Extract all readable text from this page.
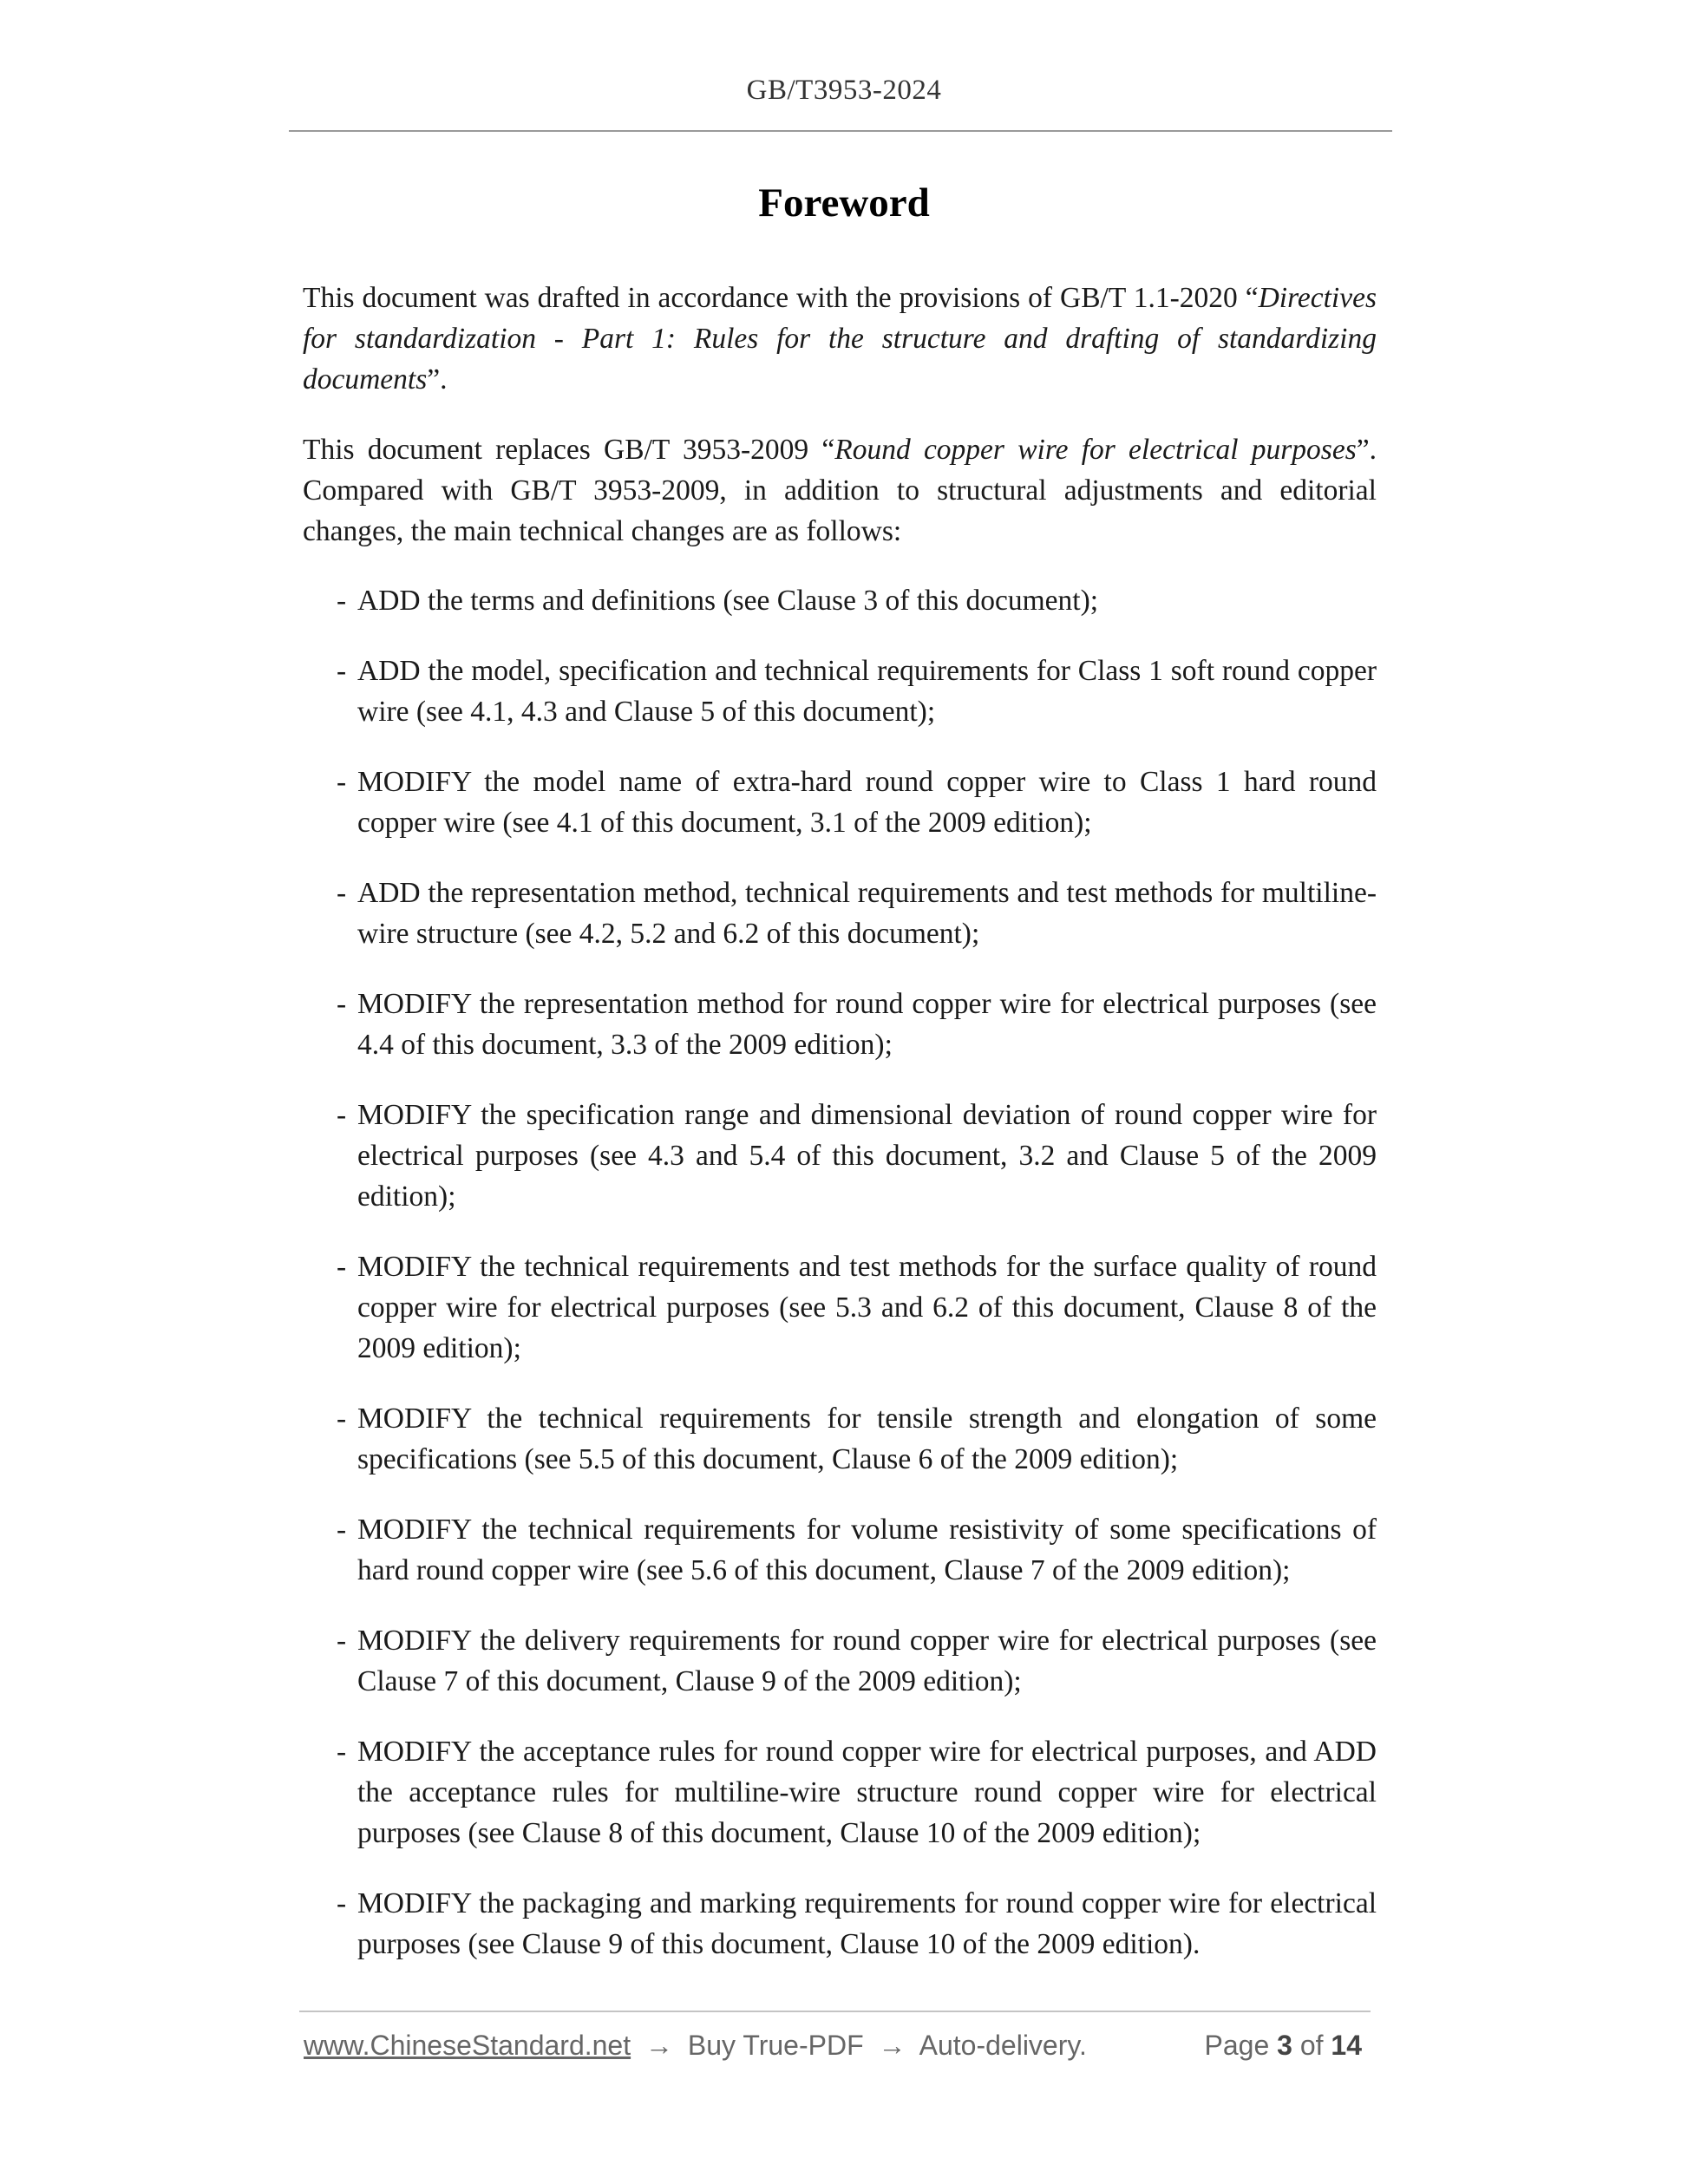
GB/T3953-2024
Foreword
This document was drafted in accordance with the provisions of GB/T 1.1-2020 “Directives for standardization - Part 1: Rules for the structure and drafting of standardizing documents”.
This document replaces GB/T 3953-2009 “Round copper wire for electrical purposes”. Compared with GB/T 3953-2009, in addition to structural adjustments and editorial changes, the main technical changes are as follows:
- ADD the terms and definitions (see Clause 3 of this document);
- ADD the model, specification and technical requirements for Class 1 soft round copper wire (see 4.1, 4.3 and Clause 5 of this document);
- MODIFY the model name of extra-hard round copper wire to Class 1 hard round copper wire (see 4.1 of this document, 3.1 of the 2009 edition);
- ADD the representation method, technical requirements and test methods for multiline-wire structure (see 4.2, 5.2 and 6.2 of this document);
- MODIFY the representation method for round copper wire for electrical purposes (see 4.4 of this document, 3.3 of the 2009 edition);
- MODIFY the specification range and dimensional deviation of round copper wire for electrical purposes (see 4.3 and 5.4 of this document, 3.2 and Clause 5 of the 2009 edition);
- MODIFY the technical requirements and test methods for the surface quality of round copper wire for electrical purposes (see 5.3 and 6.2 of this document, Clause 8 of the 2009 edition);
- MODIFY the technical requirements for tensile strength and elongation of some specifications (see 5.5 of this document, Clause 6 of the 2009 edition);
- MODIFY the technical requirements for volume resistivity of some specifications of hard round copper wire (see 5.6 of this document, Clause 7 of the 2009 edition);
- MODIFY the delivery requirements for round copper wire for electrical purposes (see Clause 7 of this document, Clause 9 of the 2009 edition);
- MODIFY the acceptance rules for round copper wire for electrical purposes, and ADD the acceptance rules for multiline-wire structure round copper wire for electrical purposes (see Clause 8 of this document, Clause 10 of the 2009 edition);
- MODIFY the packaging and marking requirements for round copper wire for electrical purposes (see Clause 9 of this document, Clause 10 of the 2009 edition).
www.ChineseStandard.net → Buy True-PDF → Auto-delivery.	Page 3 of 14
